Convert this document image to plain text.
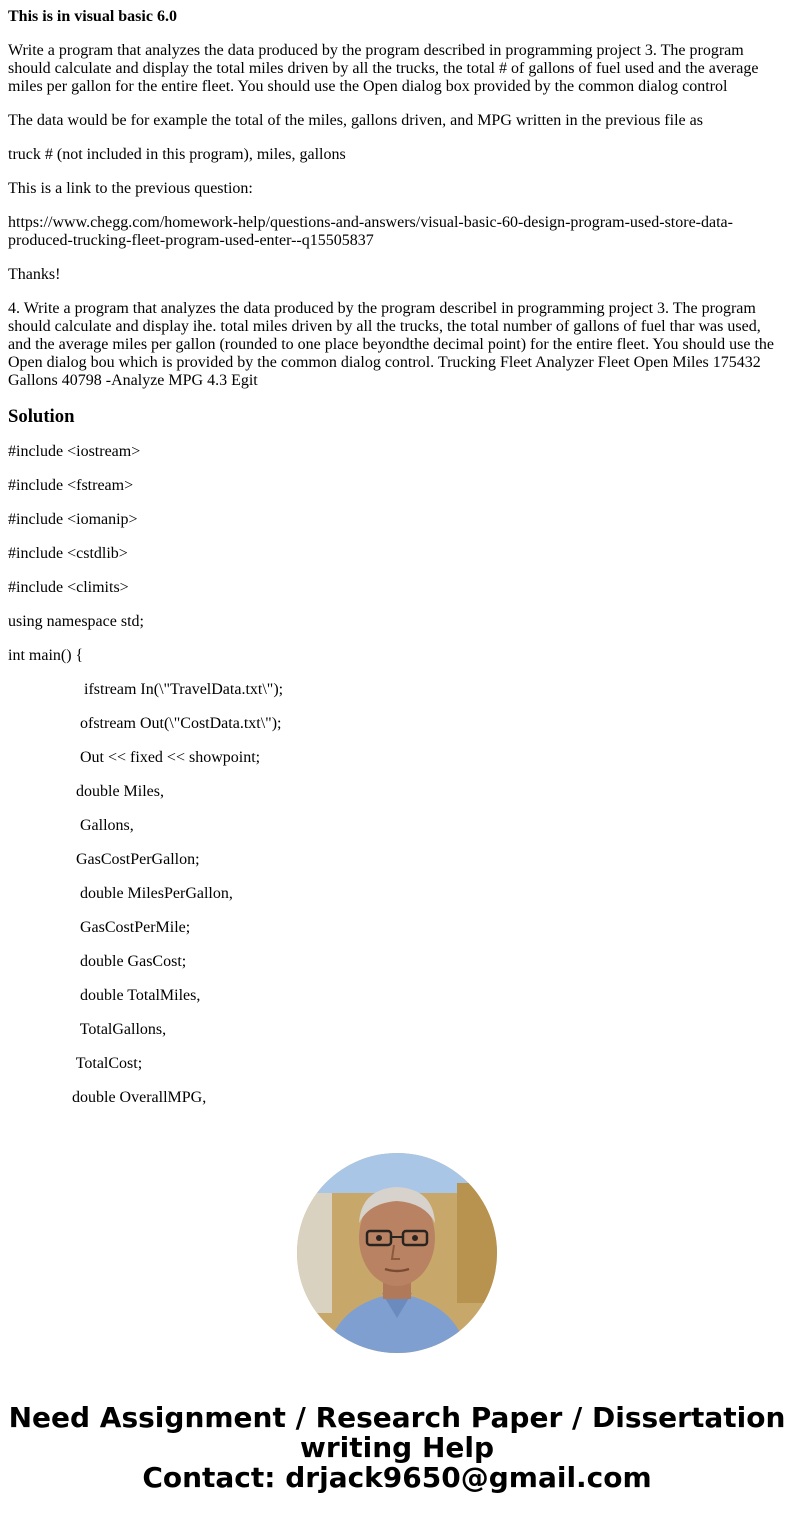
This is in visual basic 6.0
Write a program that analyzes the data produced by the program described in programming project 3. The program should calculate and display the total miles driven by all the trucks, the total # of gallons of fuel used and the average miles per gallon for the entire fleet. You should use the Open dialog box provided by the common dialog control
The data would be for example the total of the miles, gallons driven, and MPG written in the previous file as
truck # (not included in this program), miles, gallons
This is a link to the previous question:
https://www.chegg.com/homework-help/questions-and-answers/visual-basic-60-design-program-used-store-data-produced-trucking-fleet-program-used-enter--q15505837
Thanks!
4. Write a program that analyzes the data produced by the program describel in programming project 3. The program should calculate and display ihe. total miles driven by all the trucks, the total number of gallons of fuel thar was used, and the average miles per gallon (rounded to one place beyondthe decimal point) for the entire fleet. You should use the Open dialog bou which is provided by the common dialog control. Trucking Fleet Analyzer Fleet Open Miles 175432 Gallons 40798 -Analyze MPG 4.3 Egit
Solution
#include <iostream>
#include <fstream>
#include <iomanip>
#include <cstdlib>
#include <climits>
using namespace std;
int main() {
ifstream In(\"TravelData.txt\");
ofstream Out(\"CostData.txt\");
Out << fixed << showpoint;
double Miles,
Gallons,
GasCostPerGallon;
double MilesPerGallon,
GasCostPerMile;
double GasCost;
double TotalMiles,
TotalGallons,
TotalCost;
double OverallMPG,
Need Assignment / Research Paper / Dissertation
writing Help
Contact: drjack9650@gmail.com
